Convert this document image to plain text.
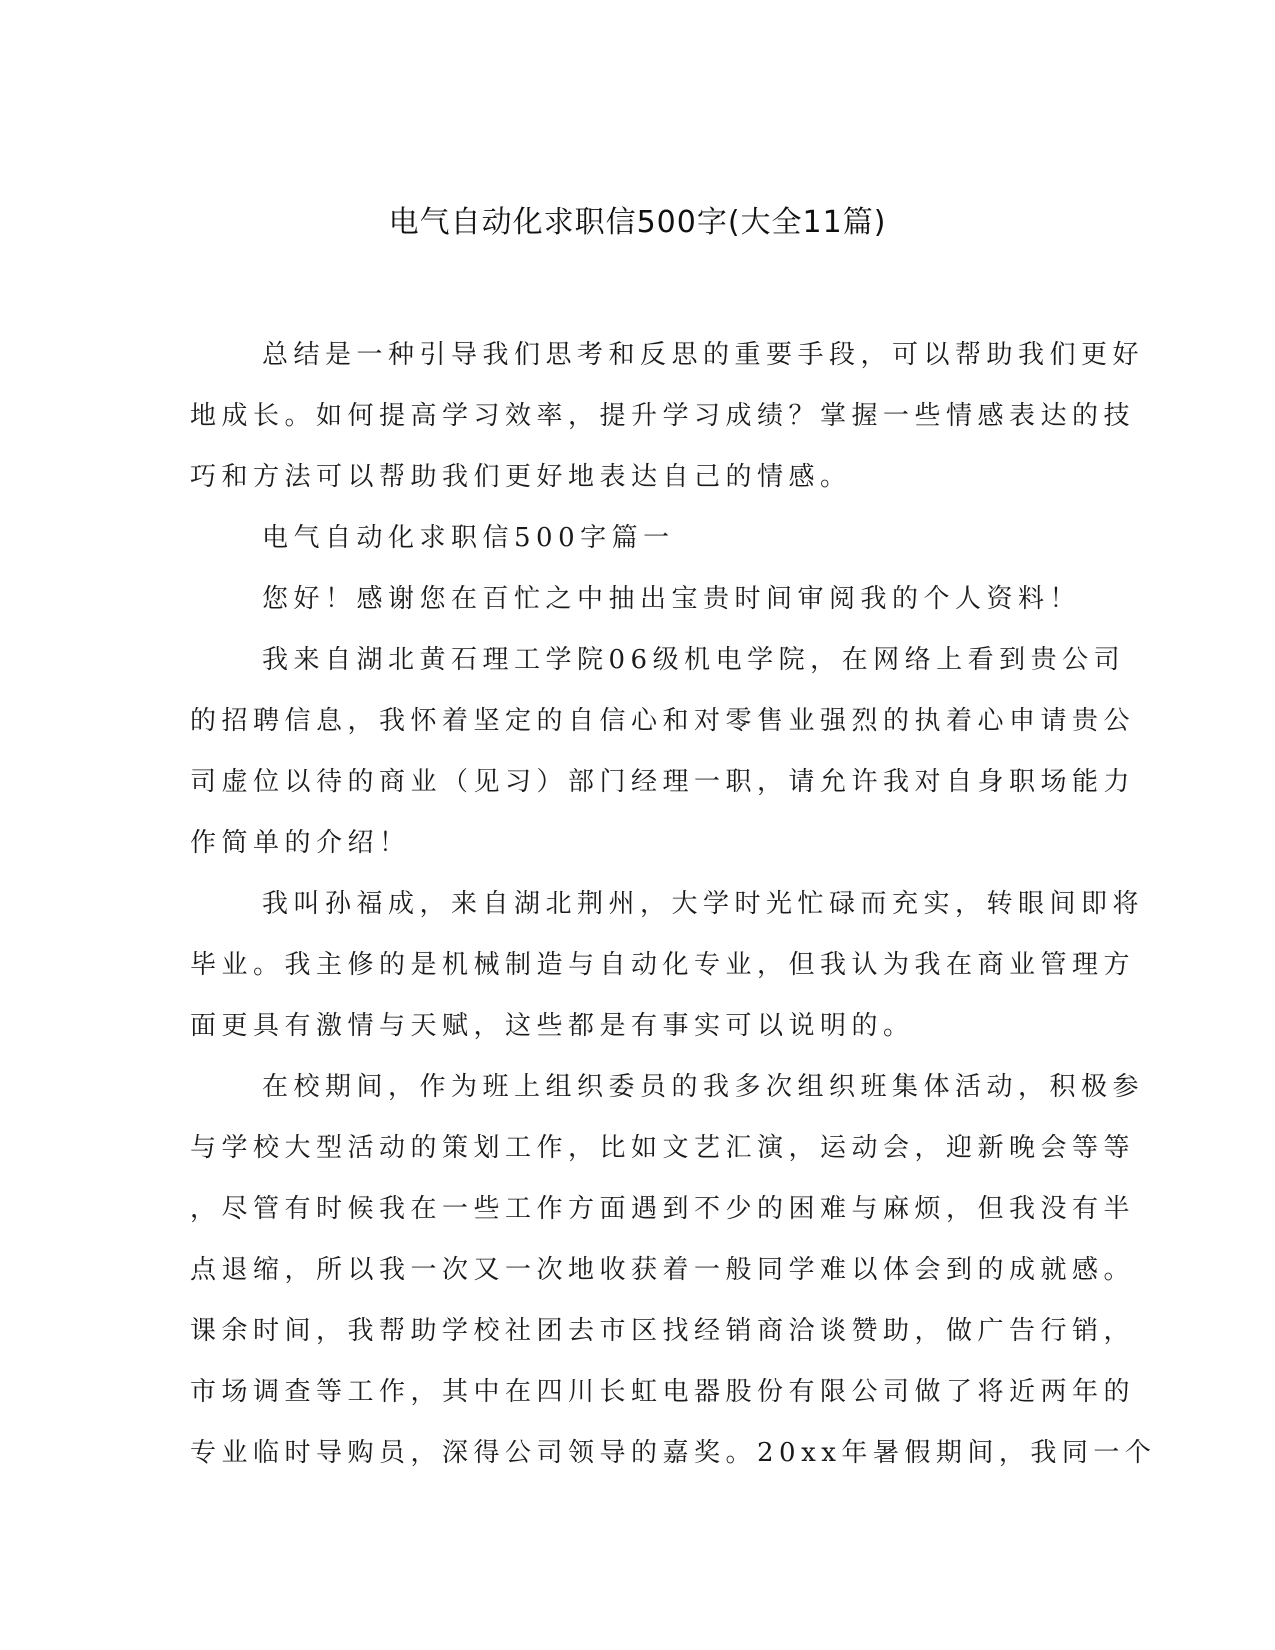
电气自动化求职信500字(大全11篇)
总结是一种引导我们思考和反思的重要手段，可以帮助我们更好
地成长。如何提高学习效率，提升学习成绩？掌握一些情感表达的技
巧和方法可以帮助我们更好地表达自己的情感。
电气自动化求职信500字篇一
您好！感谢您在百忙之中抽出宝贵时间审阅我的个人资料！
我来自湖北黄石理工学院06级机电学院，在网络上看到贵公司
的招聘信息，我怀着坚定的自信心和对零售业强烈的执着心申请贵公
司虚位以待的商业（见习）部门经理一职，请允许我对自身职场能力
作简单的介绍！
我叫孙福成，来自湖北荆州，大学时光忙碌而充实，转眼间即将
毕业。我主修的是机械制造与自动化专业，但我认为我在商业管理方
面更具有激情与天赋，这些都是有事实可以说明的。
在校期间，作为班上组织委员的我多次组织班集体活动，积极参
与学校大型活动的策划工作，比如文艺汇演，运动会，迎新晚会等等
，尽管有时候我在一些工作方面遇到不少的困难与麻烦，但我没有半
点退缩，所以我一次又一次地收获着一般同学难以体会到的成就感。
课余时间，我帮助学校社团去市区找经销商洽谈赞助，做广告行销，
市场调查等工作，其中在四川长虹电器股份有限公司做了将近两年的
专业临时导购员，深得公司领导的嘉奖。20xx年暑假期间，我同一个
